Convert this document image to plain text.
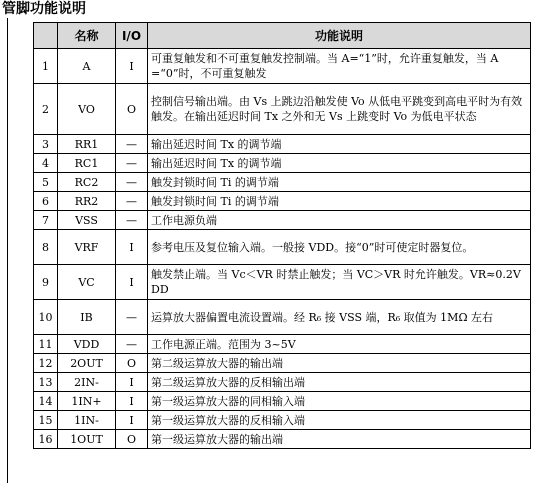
管脚功能说明
	名称	I/O	功能说明
1	A	I	可重复触发和不可重复触发控制端。当 A=“1”时，允许重复触发，当 A=“0”时，不可重复触发
2	VO	O	控制信号输出端。由 Vs 上跳边沿触发使 Vo 从低电平跳变到高电平时为有效触发。在输出延迟时间 Tx 之外和无 Vs 上跳变时 Vo 为低电平状态
3	RR1	—	输出延迟时间 Tx 的调节端
4	RC1	—	输出延迟时间 Tx 的调节端
5	RC2	—	触发封锁时间 Ti 的调节端
6	RR2	—	触发封锁时间 Ti 的调节端
7	VSS	—	工作电源负端
8	VRF	I	参考电压及复位输入端。一般接 VDD。接“0”时可使定时器复位。
9	VC	I	触发禁止端。当 Vc＜VR 时禁止触发；当 VC＞VR 时允许触发。VR≈0.2VDD
10	IB	—	运算放大器偏置电流设置端。经 R₆ 接 VSS 端，R₆ 取值为 1MΩ 左右
11	VDD	—	工作电源正端。范围为 3~5V
12	2OUT	O	第二级运算放大器的输出端
13	2IN-	I	第二级运算放大器的反相输出端
14	1IN+	I	第一级运算放大器的同相输入端
15	1IN-	I	第一级运算放大器的反相输入端
16	1OUT	O	第一级运算放大器的输出端
